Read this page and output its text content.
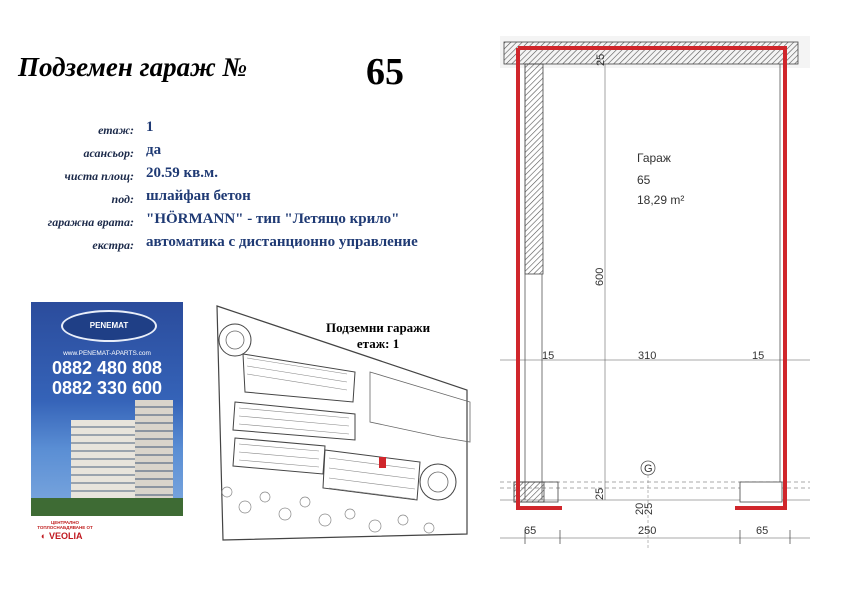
Подземен гараж №	65
етаж: 1
асансьор: да
чиста площ: 20.59 кв.м.
под: шлайфан бетон
гаражна врата: "HÖRMANN" - тип "Летящо крило"
екстра: автоматика с дистанционно управление
PENEMAT
www.PENEMAT-APARTS.com
0882 480 808
0882 330 600
ЦЕНТРАЛНО ТОПЛОСНАБДЯВАНЕ ОТ
◐ VEOLIA
Подземни гаражи
етаж: 1
Гараж
65
18,29 m²
600
25
15	310	15
25
20
25
G
65	250	65
